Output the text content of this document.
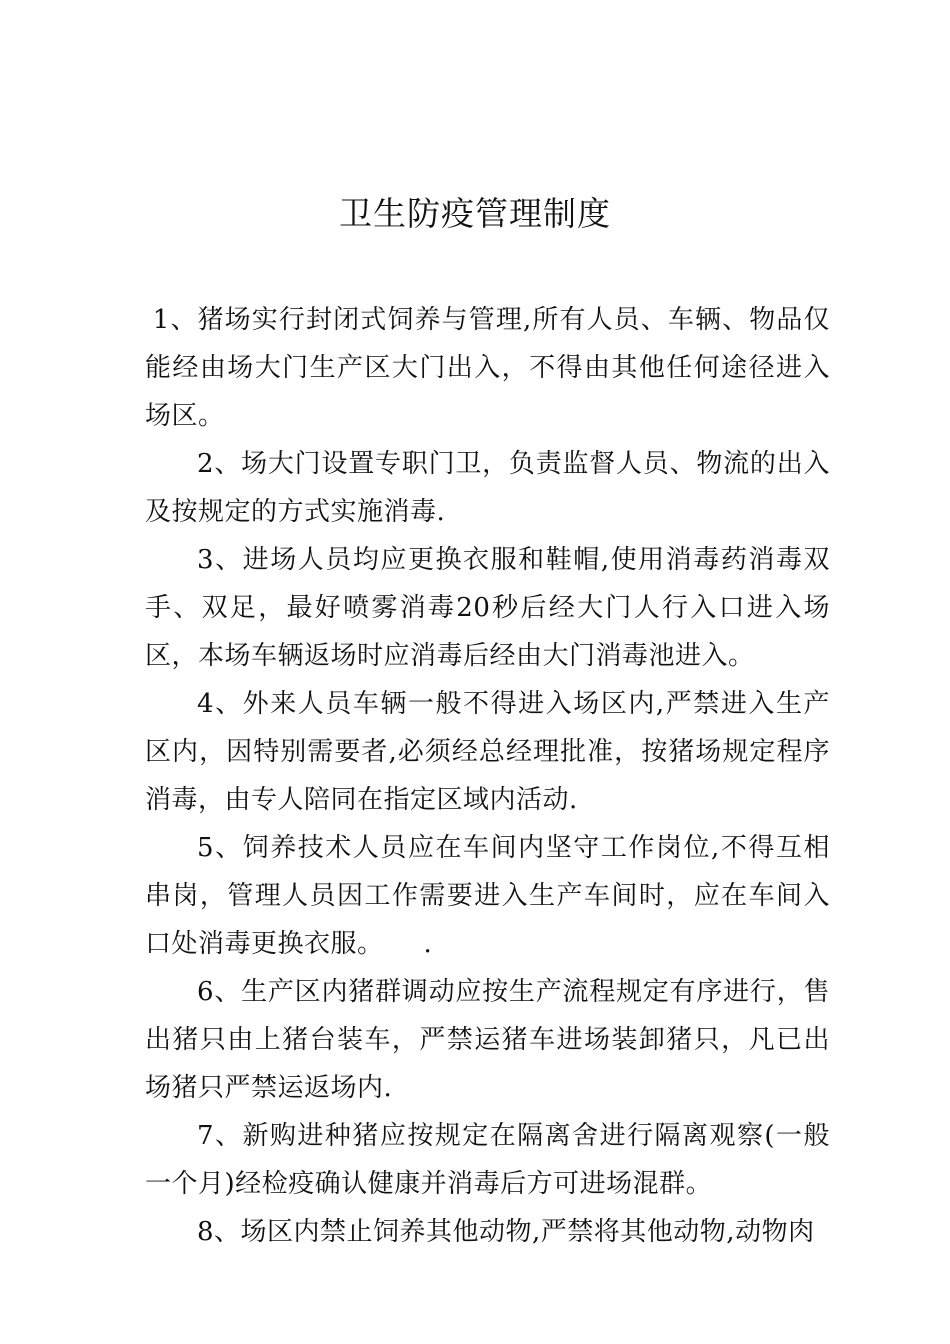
卫生防疫管理制度

1、猪场实行封闭式饲养与管理,所有人员、车辆、物品仅能经由场大门生产区大门出入，不得由其他任何途径进入场区。

2、场大门设置专职门卫，负责监督人员、物流的出入及按规定的方式实施消毒.

3、进场人员均应更换衣服和鞋帽,使用消毒药消毒双手、双足，最好喷雾消毒20秒后经大门人行入口进入场区，本场车辆返场时应消毒后经由大门消毒池进入。

4、外来人员车辆一般不得进入场区内,严禁进入生产区内，因特别需要者,必须经总经理批准，按猪场规定程序消毒，由专人陪同在指定区域内活动.

5、饲养技术人员应在车间内坚守工作岗位,不得互相串岗，管理人员因工作需要进入生产车间时，应在车间入口处消毒更换衣服。　　.

6、生产区内猪群调动应按生产流程规定有序进行，售出猪只由上猪台装车，严禁运猪车进场装卸猪只，凡已出场猪只严禁运返场内.

7、新购进种猪应按规定在隔离舍进行隔离观察(一般一个月)经检疫确认健康并消毒后方可进场混群。

8、场区内禁止饲养其他动物,严禁将其他动物,动物肉
